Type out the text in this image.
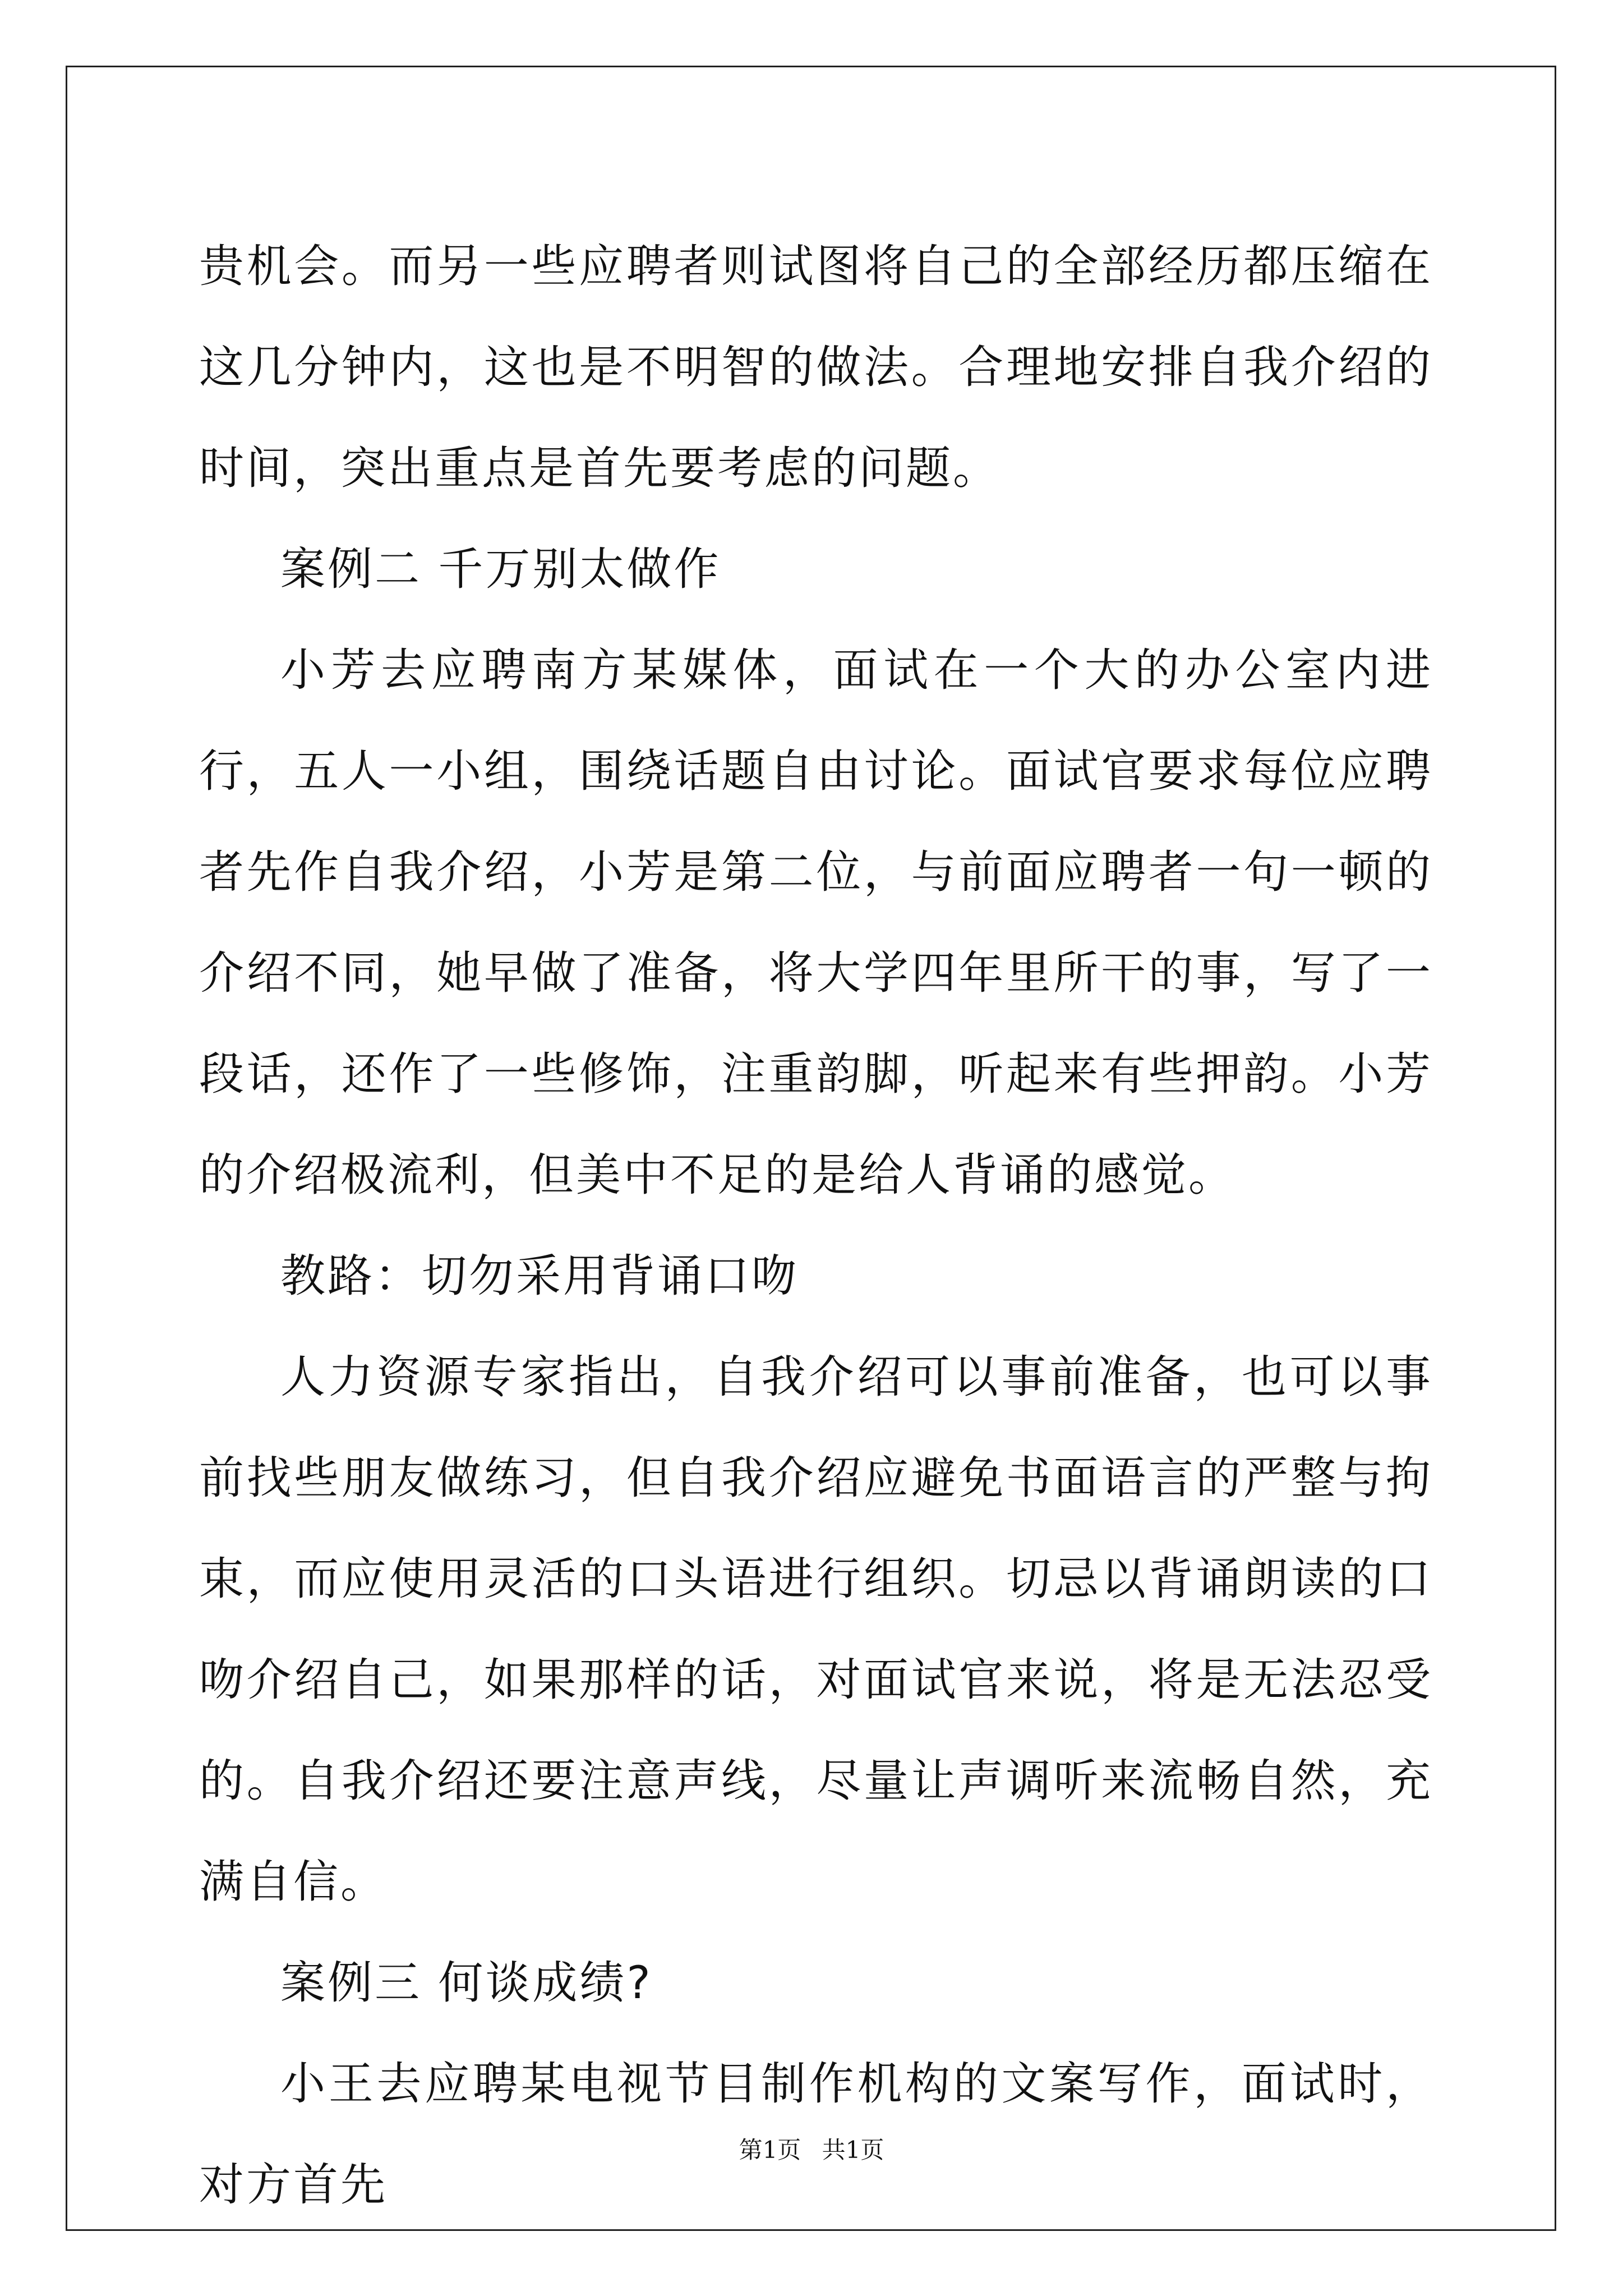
贵机会。而另一些应聘者则试图将自己的全部经历都压缩在这几分钟内，这也是不明智的做法。合理地安排自我介绍的时间，突出重点是首先要考虑的问题。

案例二 千万别太做作

小芳去应聘南方某媒体，面试在一个大的办公室内进行，五人一小组，围绕话题自由讨论。面试官要求每位应聘者先作自我介绍，小芳是第二位，与前面应聘者一句一顿的介绍不同，她早做了准备，将大学四年里所干的事，写了一段话，还作了一些修饰，注重韵脚，听起来有些押韵。小芳的介绍极流利，但美中不足的是给人背诵的感觉。

教路：切勿采用背诵口吻

人力资源专家指出，自我介绍可以事前准备，也可以事前找些朋友做练习，但自我介绍应避免书面语言的严整与拘束，而应使用灵活的口头语进行组织。切忌以背诵朗读的口吻介绍自己，如果那样的话，对面试官来说，将是无法忍受的。自我介绍还要注意声线，尽量让声调听来流畅自然，充满自信。

案例三 何谈成绩?

小王去应聘某电视节目制作机构的文案写作，面试时，对方首先

第1页 共1页
